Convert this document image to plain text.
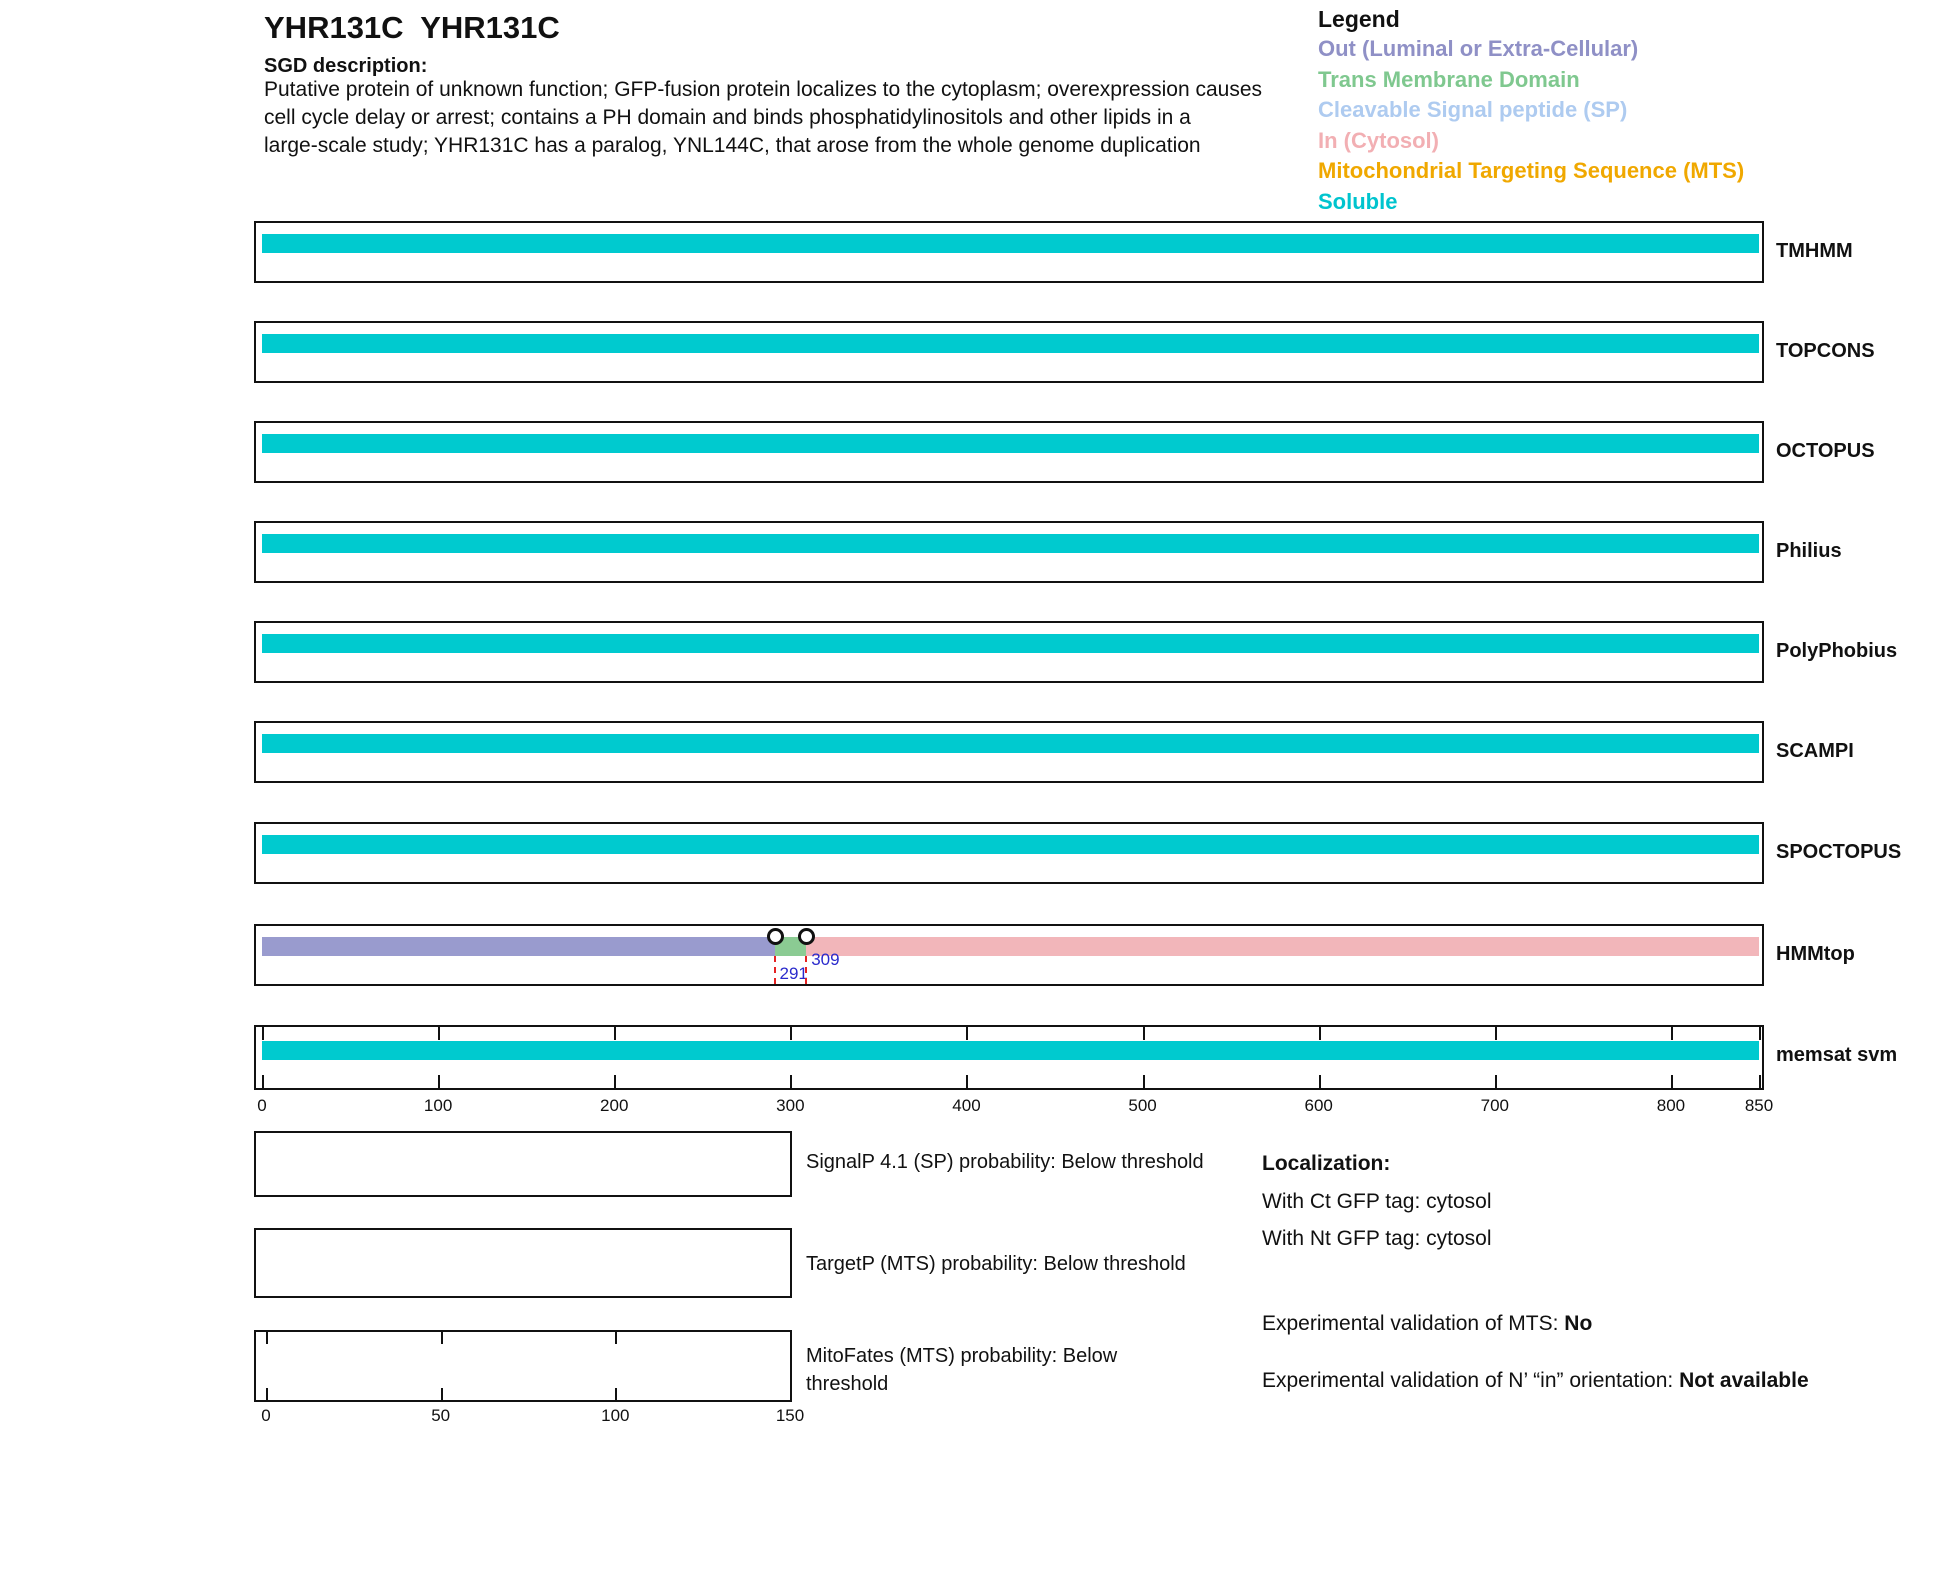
YHR131C  YHR131C
SGD description:
Putative protein of unknown function; GFP-fusion protein localizes to the cytoplasm; overexpression causes
cell cycle delay or arrest; contains a PH domain and binds phosphatidylinositols and other lipids in a
large-scale study; YHR131C has a paralog, YNL144C, that arose from the whole genome duplication
Legend
Localization:
With Ct GFP tag: cytosol
With Nt GFP tag: cytosol
Experimental validation of MTS: No
Experimental validation of N’ “in” orientation: Not available
Out (Luminal or Extra-Cellular)
Trans Membrane Domain
Cleavable Signal peptide (SP)
In (Cytosol)
Mitochondrial Targeting Sequence (MTS)
Soluble
TMHMM
TOPCONS
OCTOPUS
Philius
PolyPhobius
SCAMPI
SPOCTOPUS
291
309	HMMtop
memsat svm
0	100	200	300	400	500	600	700	800	850
SignalP 4.1 (SP) probability: Below threshold
TargetP (MTS) probability: Below threshold
0	50	100	150
MitoFates (MTS) probability: Below threshold
